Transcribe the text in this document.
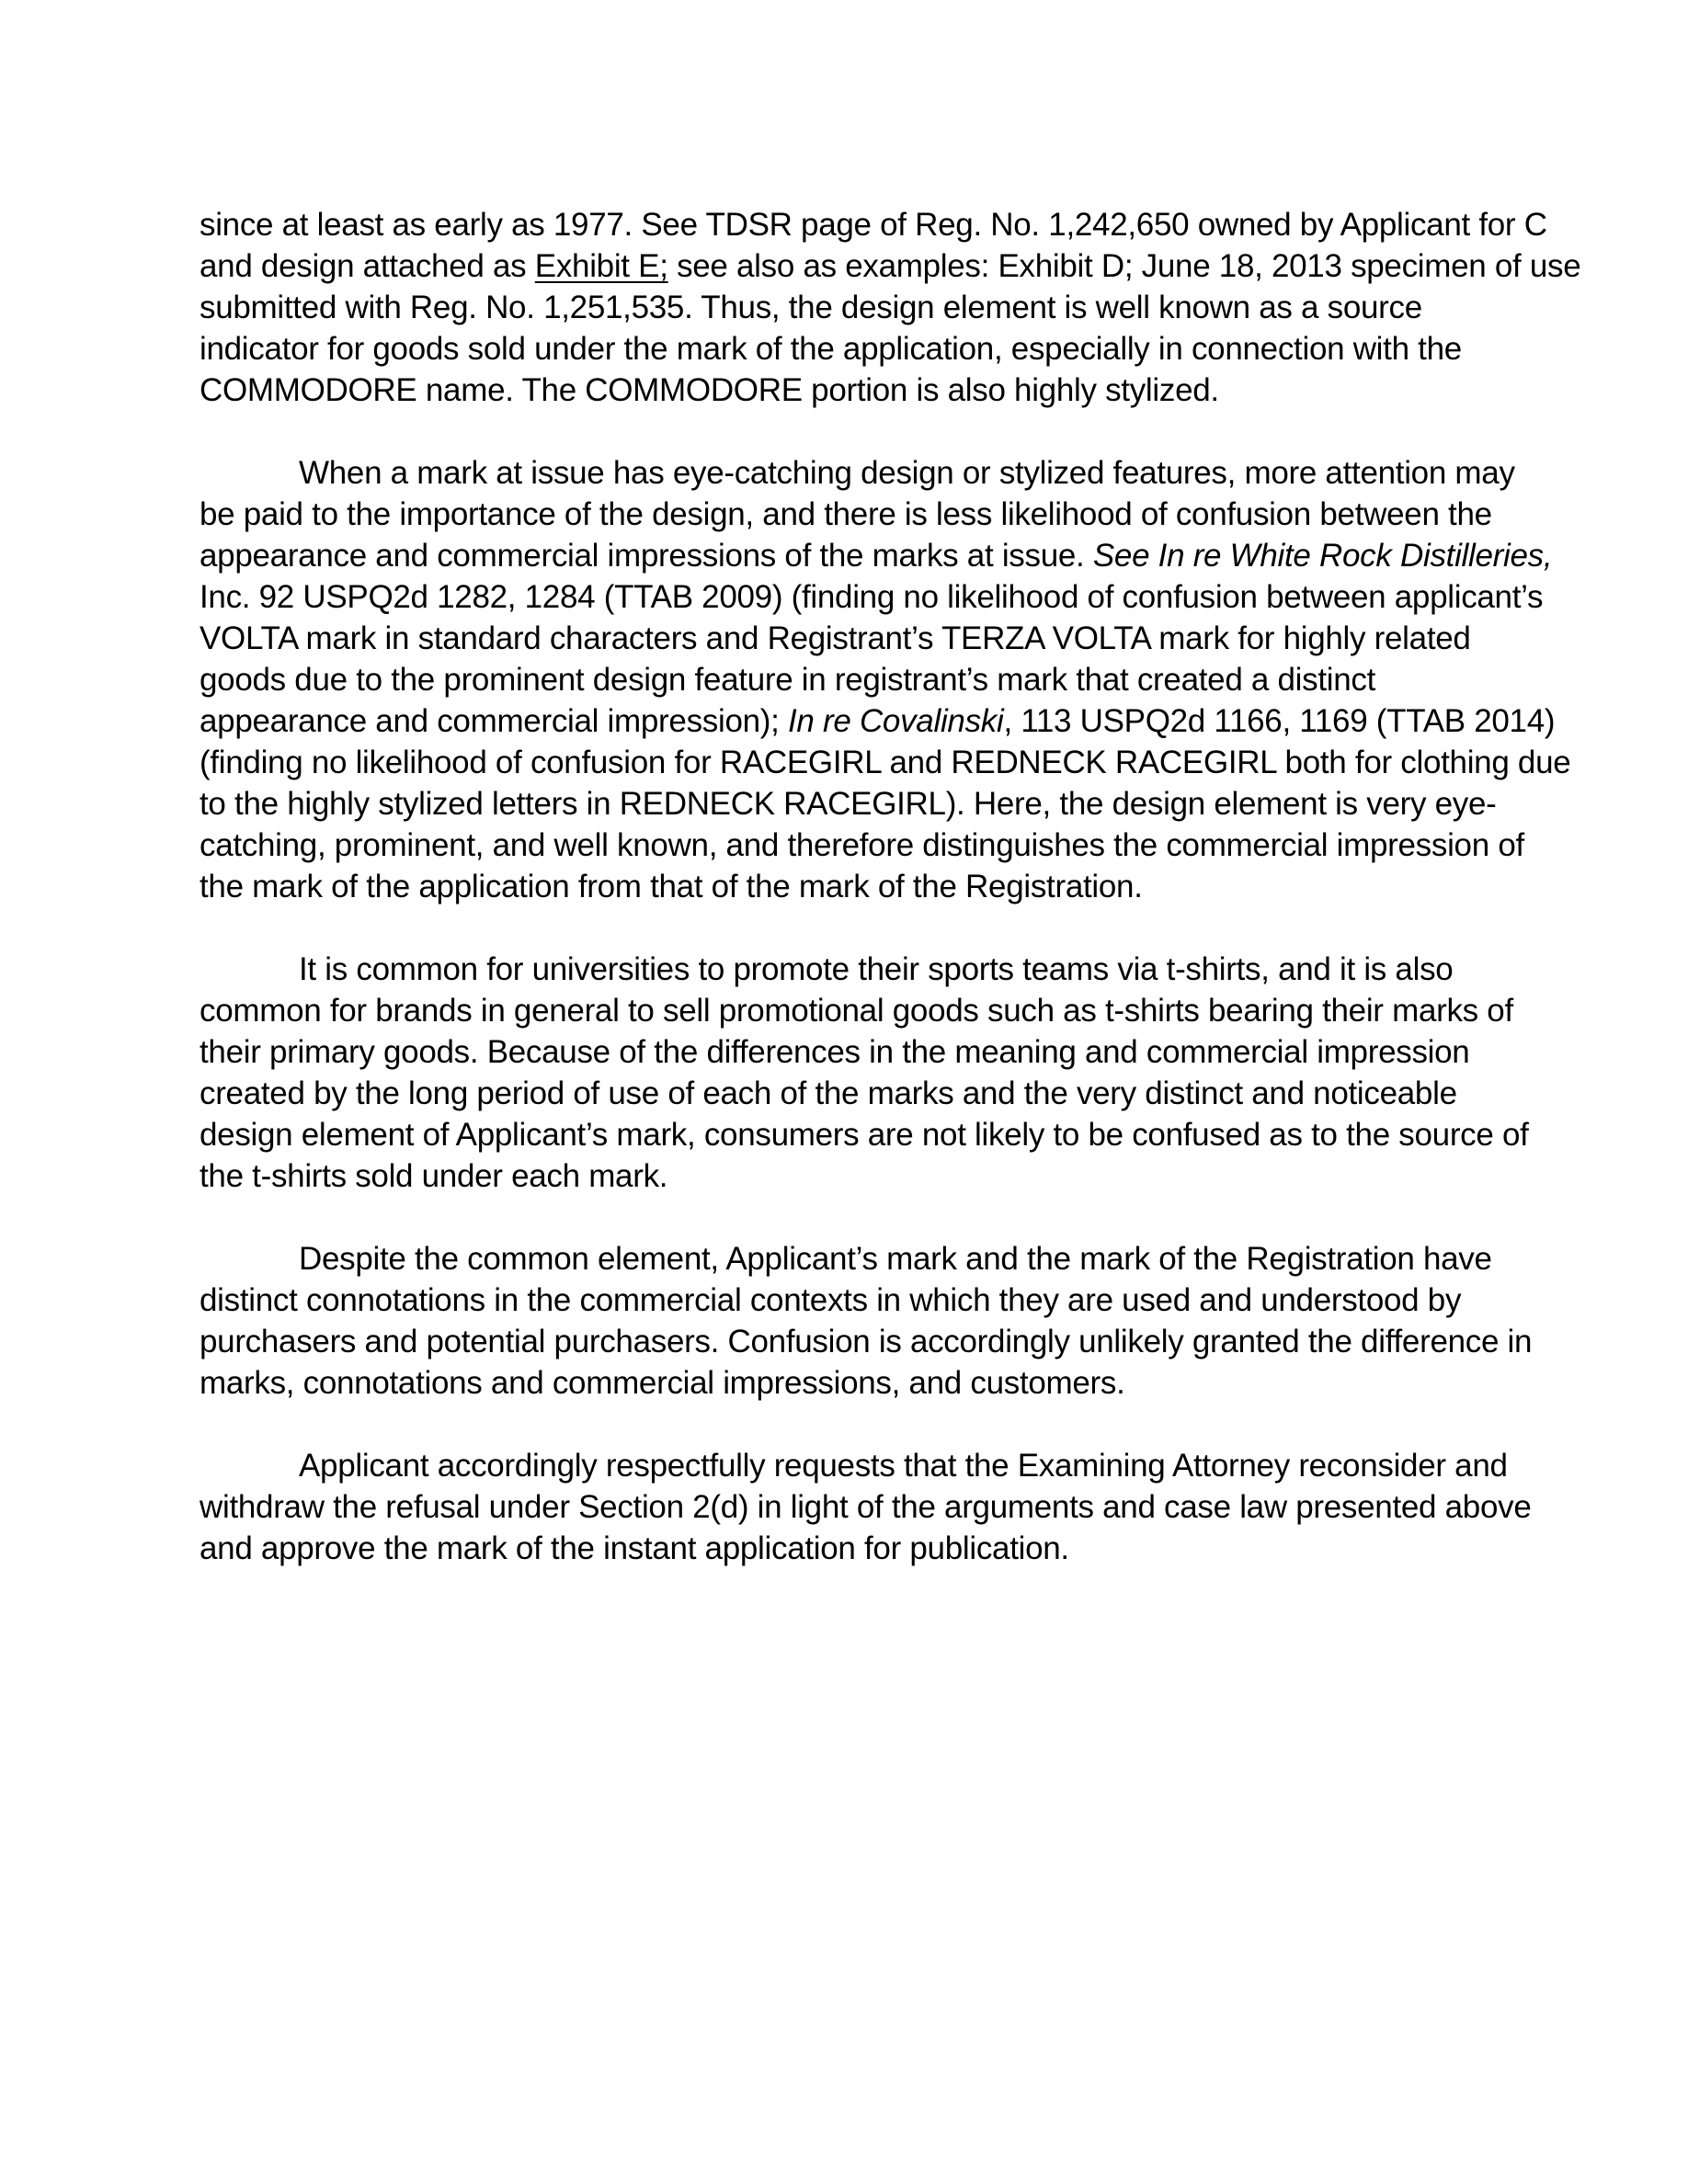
since at least as early as 1977. See TDSR page of Reg. No. 1,242,650 owned by Applicant for C
and design attached as Exhibit E; see also as examples: Exhibit D; June 18, 2013 specimen of use
submitted with Reg. No. 1,251,535. Thus, the design element is well known as a source
indicator for goods sold under the mark of the application, especially in connection with the
COMMODORE name. The COMMODORE portion is also highly stylized.
When a mark at issue has eye-catching design or stylized features, more attention may
be paid to the importance of the design, and there is less likelihood of confusion between the
appearance and commercial impressions of the marks at issue. See In re White Rock Distilleries,
Inc. 92 USPQ2d 1282, 1284 (TTAB 2009) (finding no likelihood of confusion between applicant’s
VOLTA mark in standard characters and Registrant’s TERZA VOLTA mark for highly related
goods due to the prominent design feature in registrant’s mark that created a distinct
appearance and commercial impression); In re Covalinski, 113 USPQ2d 1166, 1169 (TTAB 2014)
(finding no likelihood of confusion for RACEGIRL and REDNECK RACEGIRL both for clothing due
to the highly stylized letters in REDNECK RACEGIRL). Here, the design element is very eye-
catching, prominent, and well known, and therefore distinguishes the commercial impression of
the mark of the application from that of the mark of the Registration.
It is common for universities to promote their sports teams via t-shirts, and it is also
common for brands in general to sell promotional goods such as t-shirts bearing their marks of
their primary goods. Because of the differences in the meaning and commercial impression
created by the long period of use of each of the marks and the very distinct and noticeable
design element of Applicant’s mark, consumers are not likely to be confused as to the source of
the t-shirts sold under each mark.
Despite the common element, Applicant’s mark and the mark of the Registration have
distinct connotations in the commercial contexts in which they are used and understood by
purchasers and potential purchasers. Confusion is accordingly unlikely granted the difference in
marks, connotations and commercial impressions, and customers.
Applicant accordingly respectfully requests that the Examining Attorney reconsider and
withdraw the refusal under Section 2(d) in light of the arguments and case law presented above
and approve the mark of the instant application for publication.
